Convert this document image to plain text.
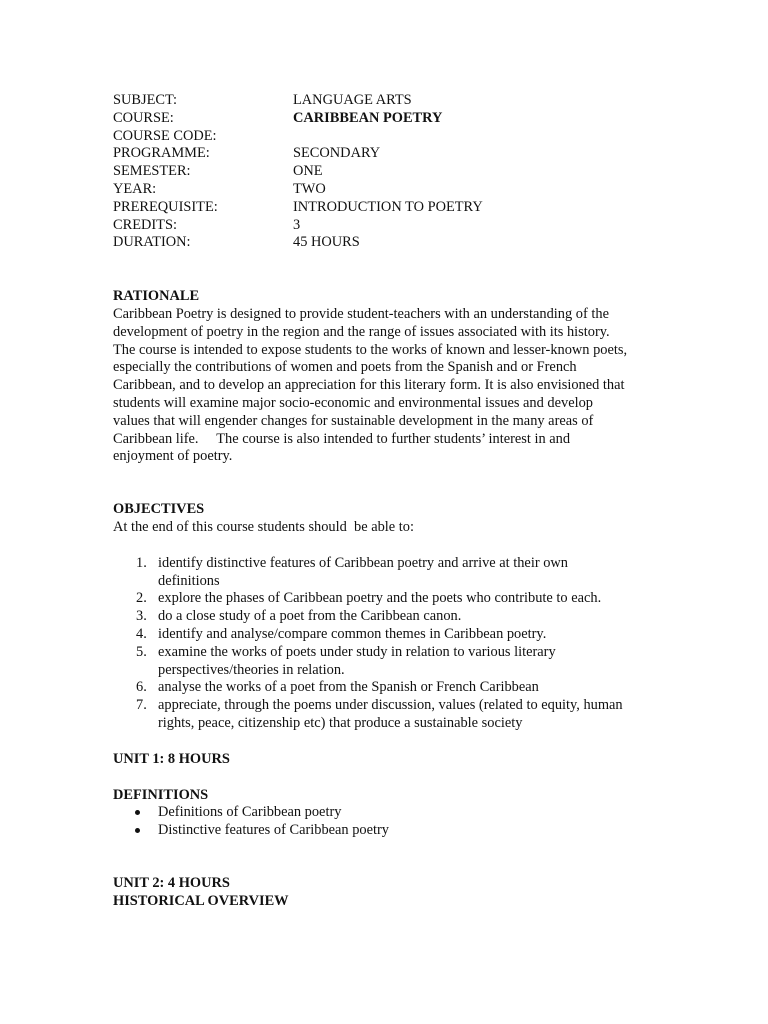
SUBJECT:	LANGUAGE ARTS
COURSE:	CARIBBEAN POETRY
COURSE CODE:
PROGRAMME:	SECONDARY
SEMESTER:	ONE
YEAR:	TWO
PREREQUISITE:	INTRODUCTION TO POETRY
CREDITS:	3
DURATION:	45 HOURS

RATIONALE

Caribbean Poetry is designed to provide student-teachers with an understanding of the
development of poetry in the region and the range of issues associated with its history.
The course is intended to expose students to the works of known and lesser-known poets,
especially the contributions of women and poets from the Spanish and or French
Caribbean, and to develop an appreciation for this literary form. It is also envisioned that
students will examine major socio-economic and environmental issues and develop
values that will engender changes for sustainable development in the many areas of
Caribbean life.     The course is also intended to further students’ interest in and
enjoyment of poetry.

OBJECTIVES

At the end of this course students should  be able to:
1. identify distinctive features of Caribbean poetry and arrive at their own
definitions
2. explore the phases of Caribbean poetry and the poets who contribute to each.
3. do a close study of a poet from the Caribbean canon.
4. identify and analyse/compare common themes in Caribbean poetry.
5. examine the works of poets under study in relation to various literary
perspectives/theories in relation.
6. analyse the works of a poet from the Spanish or French Caribbean
7. appreciate, through the poems under discussion, values (related to equity, human
rights, peace, citizenship etc) that produce a sustainable society

UNIT 1: 8 HOURS

DEFINITIONS

Definitions of Caribbean poetry
Distinctive features of Caribbean poetry

UNIT 2: 4 HOURS

HISTORICAL OVERVIEW
